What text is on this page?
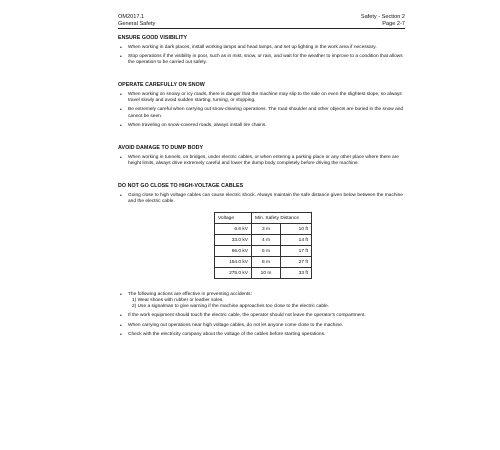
OM2017.1
General Safety
Safety - Section 2
Page 2-7
ENSURE GOOD VISIBILITY
• When working in dark places, install working lamps and head lamps, and set up lighting in the work area if necessary.
• Stop operations if the visibility in poor, such as in mist, snow, or rain, and wait for the weather to improve to a condition that allows the operation to be carried out safely.
OPERATE CAREFULLY ON SNOW
• When working on snowy or icy roads, there is danger that the machine may slip to the side on even the slightest slope, so always travel slowly and avoid sudden starting, turning, or stopping.
• Be extremely careful when carrying out snow-clearing operations. The road shoulder and other objects are buried in the snow and cannot be seen.
• When traveling on snow-covered roads, always install tire chains.
AVOID DAMAGE TO DUMP BODY
• When working in tunnels, on bridges, under electric cables, or when entering a parking place or any other place where there are height limits, always drive extremely careful and lower the dump body completely before driving the machine.
DO NOT GO CLOSE TO HIGH-VOLTAGE CABLES
• Going close to high voltage cables can cause electric shock. Always maintain the safe distance given below between the machine and the electric cable.
Voltage	Min. Safety Distance	
6.6 kV	3 m	10 ft
33.0 kV	4 m	14 ft
66.0 kV	5 m	17 ft
154.0 kV	8 m	27 ft
275.0 kV	10 m	33 ft
• The following actions are effective in preventing accidents:
1) Wear shoes with rubber or leather soles.
2) Use a signalman to give warning if the machine approaches too close to the electric cable.
• If the work equipment should touch the electric cable, the operator should not leave the operator's compartment.
• When carrying out operations near high voltage cables, do not let anyone come close to the machine.
• Check with the electricity company about the voltage of the cables before starting operations.
